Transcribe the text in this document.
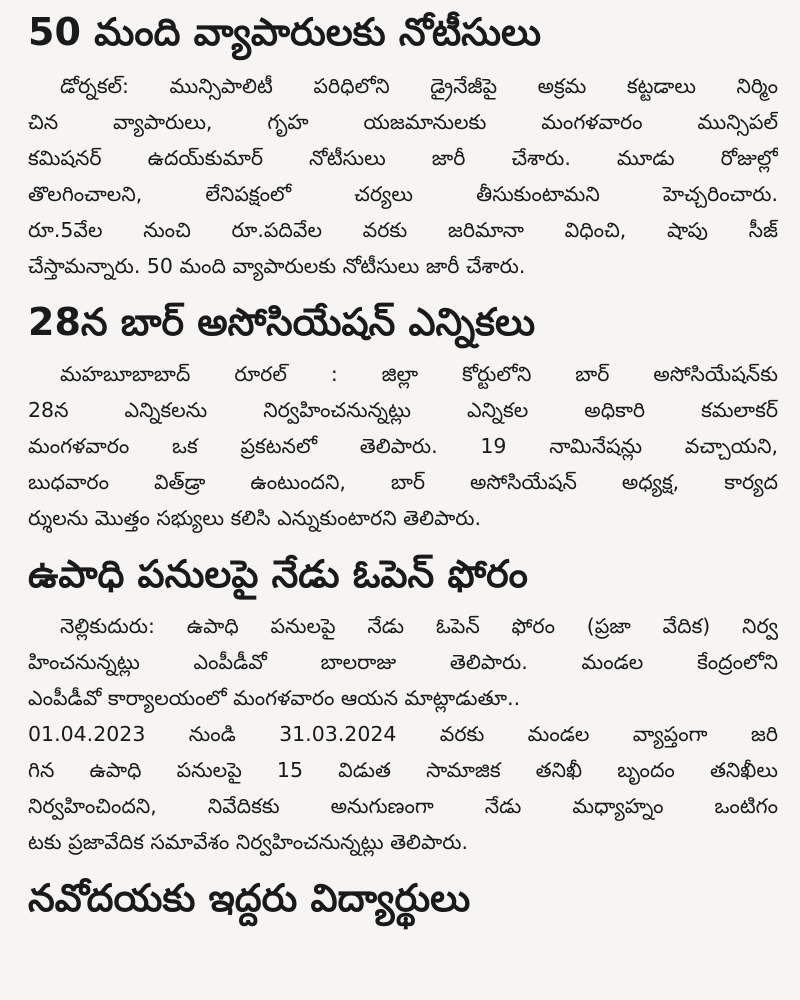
50 మంది వ్యాపారులకు నోటీసులు
డోర్నకల్: మున్సిపాలిటీ పరిధిలోని డ్రైనేజీపై అక్రమ కట్టడాలు నిర్మిం
చిన వ్యాపారులు, గృహ యజమానులకు మంగళవారం మున్సిపల్
కమిషనర్ ఉదయ్‌కుమార్ నోటీసులు జారీ చేశారు. మూడు రోజుల్లో
తొలగించాలని, లేనిపక్షంలో చర్యలు తీసుకుంటామని హెచ్చరించారు.
రూ.5వేల నుంచి రూ.పదివేల వరకు జరిమానా విధించి, షాపు సీజ్
చేస్తామన్నారు. 50 మంది వ్యాపారులకు నోటీసులు జారీ చేశారు.
28న బార్ అసోసియేషన్ ఎన్నికలు
మహబూబాబాద్ రూరల్ : జిల్లా కోర్టులోని బార్ అసోసియేషన్‌కు
28న ఎన్నికలను నిర్వహించనున్నట్లు ఎన్నికల అధికారి కమలాకర్
మంగళవారం ఒక ప్రకటనలో తెలిపారు. 19 నామినేషన్లు వచ్చాయని,
బుధవారం విత్‌డ్రా ఉంటుందని, బార్ అసోసియేషన్ అధ్యక్ష, కార్యద
ర్శులను మొత్తం సభ్యులు కలిసి ఎన్నుకుంటారని తెలిపారు.
ఉపాధి పనులపై నేడు ఓపెన్ ఫోరం
నెల్లికుదురు: ఉపాధి పనులపై నేడు ఓపెన్ ఫోరం (ప్రజా వేదిక) నిర్వ
హించనున్నట్లు ఎంపీడీవో బాలరాజు తెలిపారు. మండల కేంద్రంలోని
ఎంపీడీవో కార్యాలయంలో మంగళవారం ఆయన మాట్లాడుతూ..
01.04.2023 నుండి 31.03.2024 వరకు మండల వ్యాప్తంగా జరి
గిన ఉపాధి పనులపై 15 విడుత సామాజిక తనిఖీ బృందం తనిఖీలు
నిర్వహించిందని, నివేదికకు అనుగుణంగా నేడు మధ్యాహ్నం ఒంటిగం
టకు ప్రజావేదిక సమావేశం నిర్వహించనున్నట్లు తెలిపారు.
నవోదయకు ఇద్దరు విద్యార్థులు
